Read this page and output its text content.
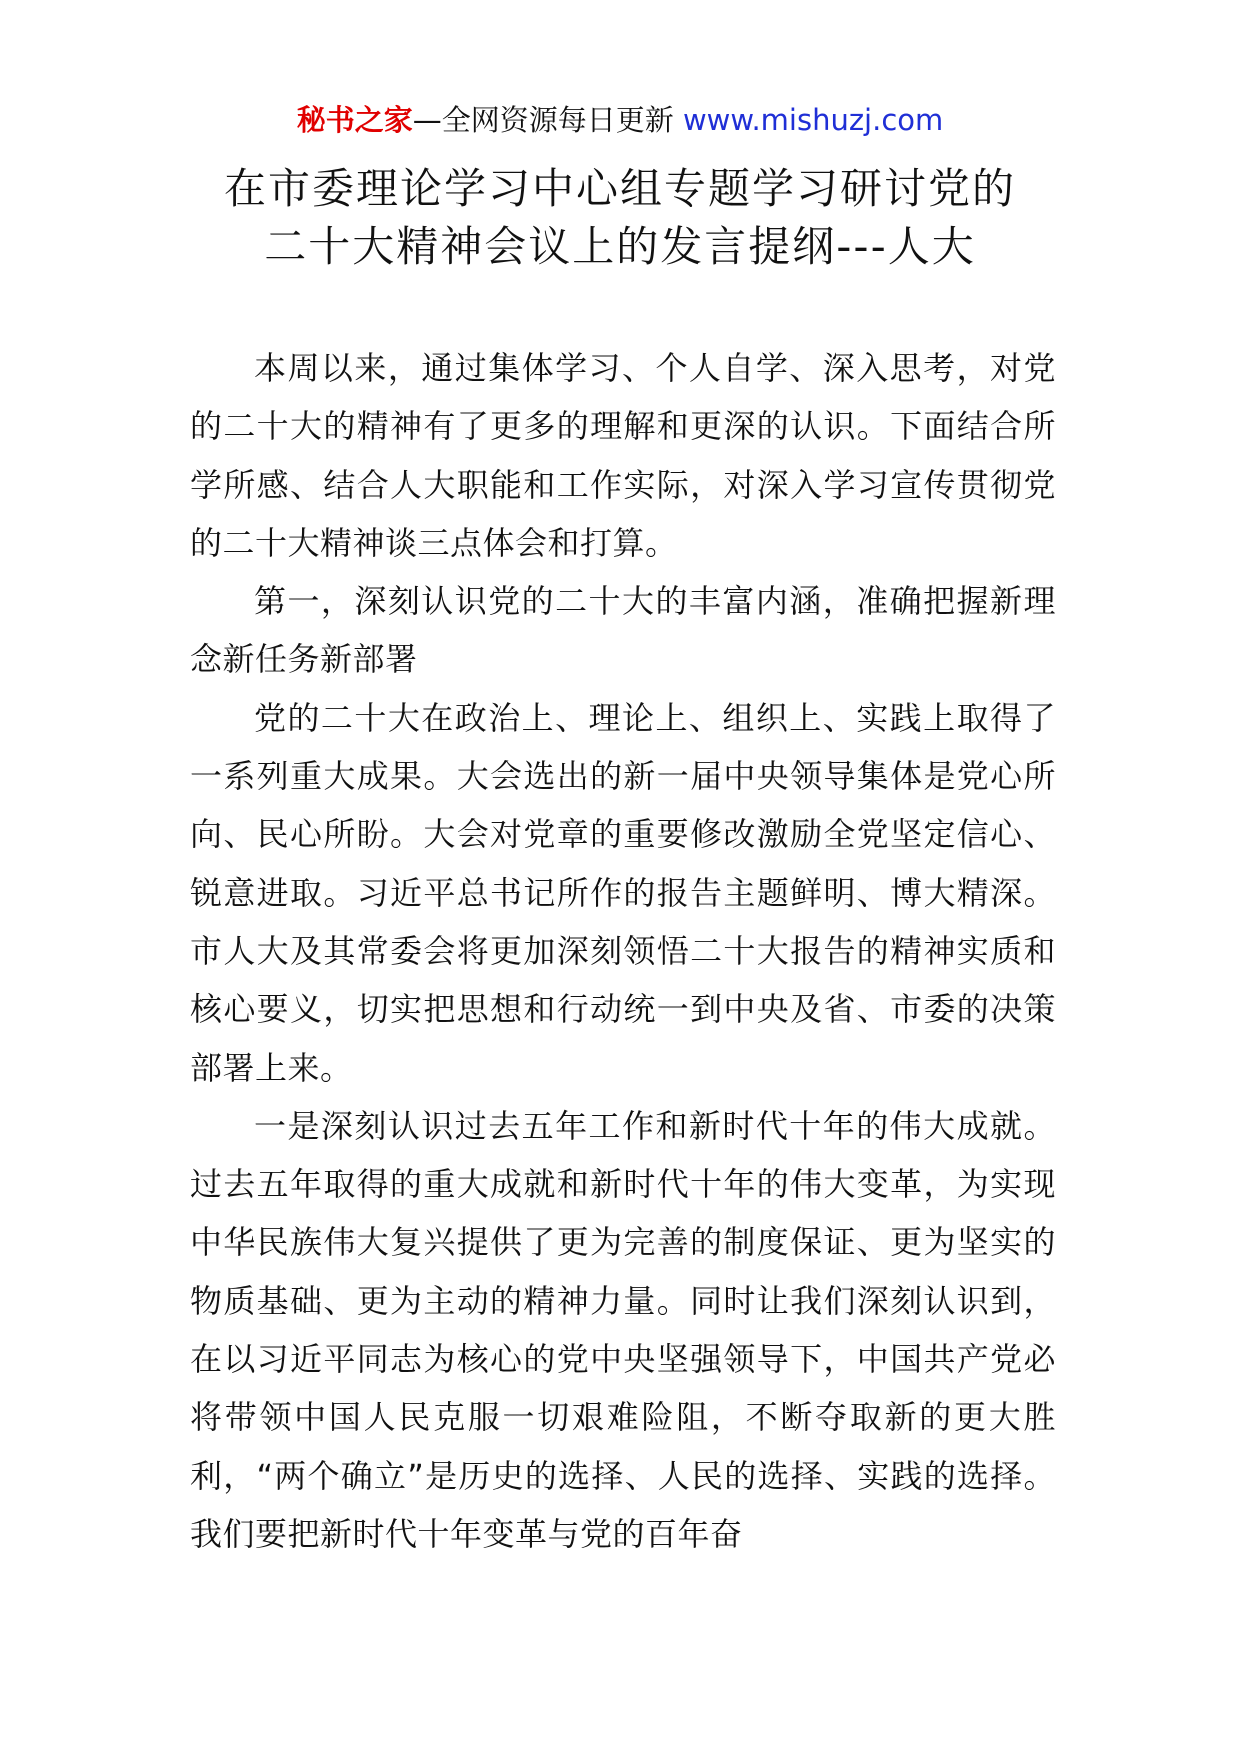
秘书之家—全网资源每日更新 www.mishuzj.com
在市委理论学习中心组专题学习研讨党的
二十大精神会议上的发言提纲---人大

本周以来，通过集体学习、个人自学、深入思考，对党的二十大的精神有了更多的理解和更深的认识。下面结合所学所感、结合人大职能和工作实际，对深入学习宣传贯彻党的二十大精神谈三点体会和打算。

第一，深刻认识党的二十大的丰富内涵，准确把握新理念新任务新部署

党的二十大在政治上、理论上、组织上、实践上取得了一系列重大成果。大会选出的新一届中央领导集体是党心所向、民心所盼。大会对党章的重要修改激励全党坚定信心、锐意进取。习近平总书记所作的报告主题鲜明、博大精深。市人大及其常委会将更加深刻领悟二十大报告的精神实质和核心要义，切实把思想和行动统一到中央及省、市委的决策部署上来。

一是深刻认识过去五年工作和新时代十年的伟大成就。过去五年取得的重大成就和新时代十年的伟大变革，为实现中华民族伟大复兴提供了更为完善的制度保证、更为坚实的物质基础、更为主动的精神力量。同时让我们深刻认识到，在以习近平同志为核心的党中央坚强领导下，中国共产党必将带领中国人民克服一切艰难险阻，不断夺取新的更大胜利，“两个确立”是历史的选择、人民的选择、实践的选择。我们要把新时代十年变革与党的百年奋
